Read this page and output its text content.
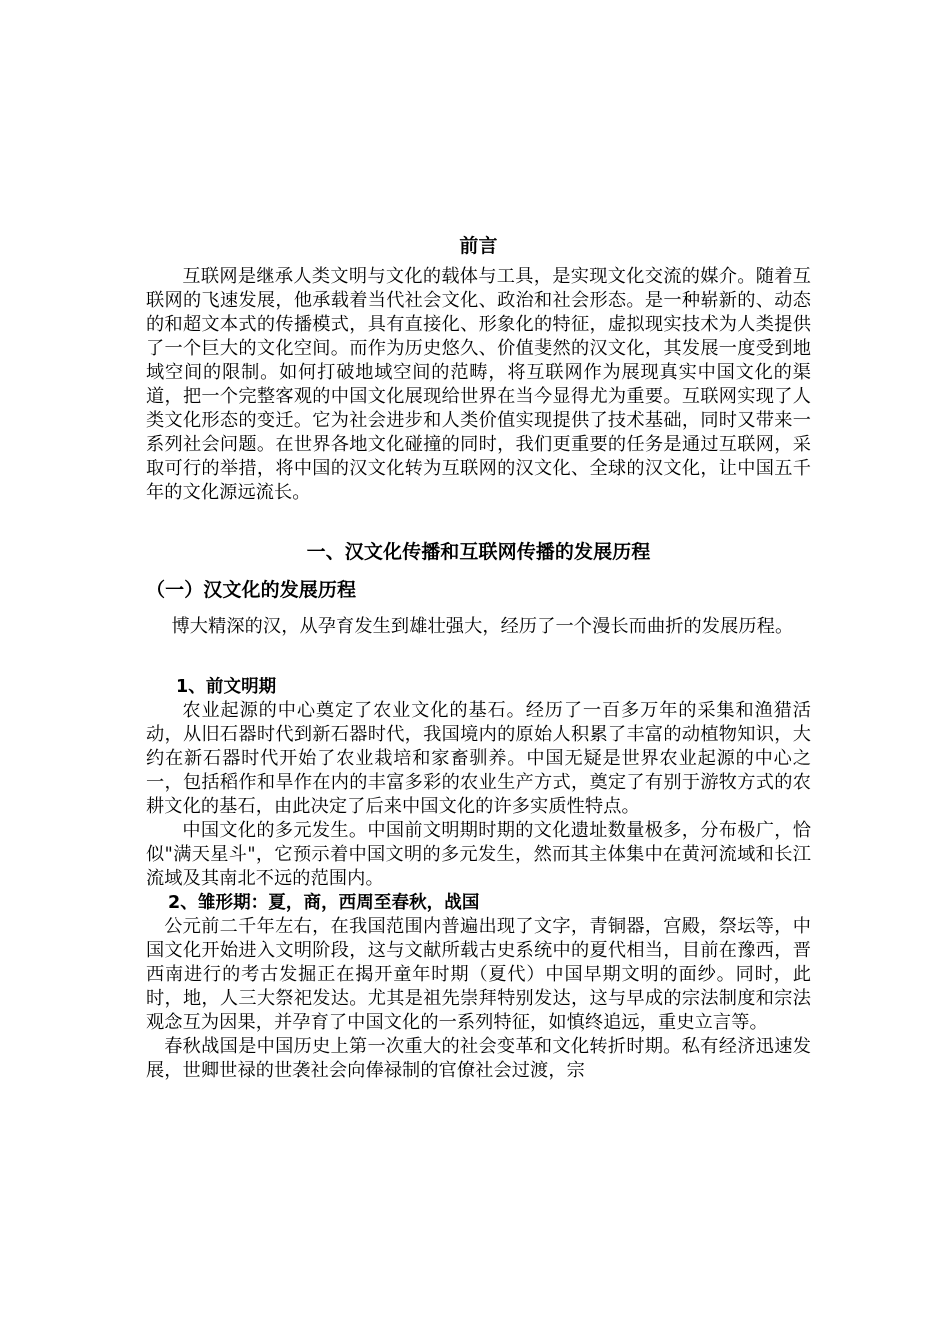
前言

互联网是继承人类文明与文化的载体与工具，是实现文化交流的媒介。随着互联网的飞速发展，他承载着当代社会文化、政治和社会形态。是一种崭新的、动态的和超文本式的传播模式，具有直接化、形象化的特征，虚拟现实技术为人类提供了一个巨大的文化空间。而作为历史悠久、价值斐然的汉文化，其发展一度受到地域空间的限制。如何打破地域空间的范畴，将互联网作为展现真实中国文化的渠道，把一个完整客观的中国文化展现给世界在当今显得尤为重要。互联网实现了人类文化形态的变迁。它为社会进步和人类价值实现提供了技术基础，同时又带来一系列社会问题。在世界各地文化碰撞的同时，我们更重要的任务是通过互联网，采取可行的举措，将中国的汉文化转为互联网的汉文化、全球的汉文化，让中国五千年的文化源远流长。

一、汉文化传播和互联网传播的发展历程

（一）汉文化的发展历程

博大精深的汉，从孕育发生到雄壮强大，经历了一个漫长而曲折的发展历程。

1、前文明期

农业起源的中心奠定了农业文化的基石。经历了一百多万年的采集和渔猎活动，从旧石器时代到新石器时代，我国境内的原始人积累了丰富的动植物知识，大约在新石器时代开始了农业栽培和家畜驯养。中国无疑是世界农业起源的中心之一，包括稻作和旱作在内的丰富多彩的农业生产方式，奠定了有别于游牧方式的农耕文化的基石，由此决定了后来中国文化的许多实质性特点。

中国文化的多元发生。中国前文明期时期的文化遗址数量极多，分布极广，恰似"满天星斗"，它预示着中国文明的多元发生，然而其主体集中在黄河流域和长江流域及其南北不远的范围内。

2、雏形期：夏，商，西周至春秋，战国

公元前二千年左右，在我国范围内普遍出现了文字，青铜器，宫殿，祭坛等，中国文化开始进入文明阶段，这与文献所载古史系统中的夏代相当，目前在豫西，晋西南进行的考古发掘正在揭开童年时期（夏代）中国早期文明的面纱。同时，此时，地，人三大祭祀发达。尤其是祖先崇拜特别发达，这与早成的宗法制度和宗法观念互为因果，并孕育了中国文化的一系列特征，如慎终追远，重史立言等。

春秋战国是中国历史上第一次重大的社会变革和文化转折时期。私有经济迅速发展，世卿世禄的世袭社会向俸禄制的官僚社会过渡，宗
